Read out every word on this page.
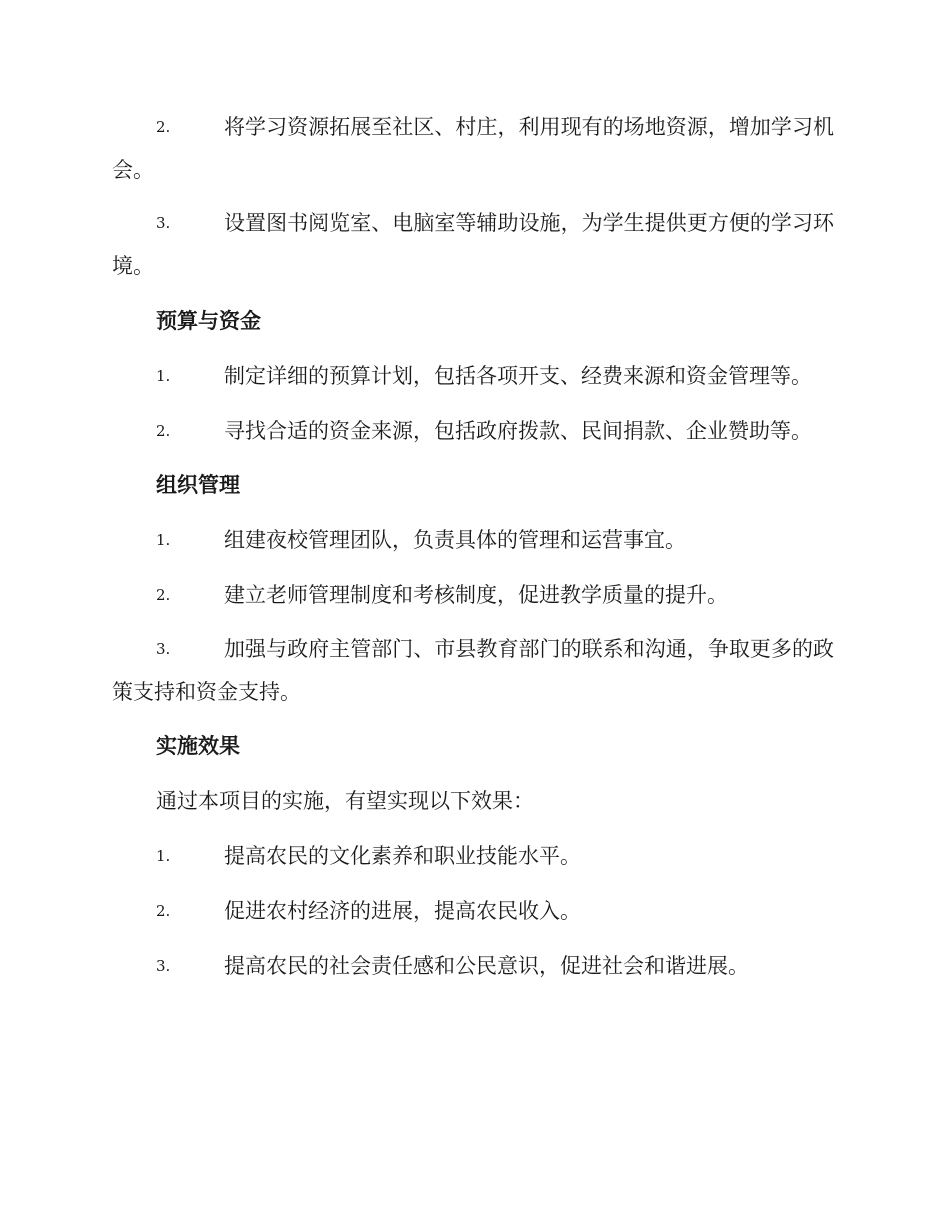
2.	将学习资源拓展至社区、村庄，利用现有的场地资源，增加学习机会。
3.	设置图书阅览室、电脑室等辅助设施，为学生提供更方便的学习环境。
预算与资金
1.	制定详细的预算计划，包括各项开支、经费来源和资金管理等。
2.	寻找合适的资金来源，包括政府拨款、民间捐款、企业赞助等。
组织管理
1.	组建夜校管理团队，负责具体的管理和运营事宜。
2.	建立老师管理制度和考核制度，促进教学质量的提升。
3.	加强与政府主管部门、市县教育部门的联系和沟通，争取更多的政策支持和资金支持。
实施效果
通过本项目的实施，有望实现以下效果：
1.	提高农民的文化素养和职业技能水平。
2.	促进农村经济的进展，提高农民收入。
3.	提高农民的社会责任感和公民意识，促进社会和谐进展。
